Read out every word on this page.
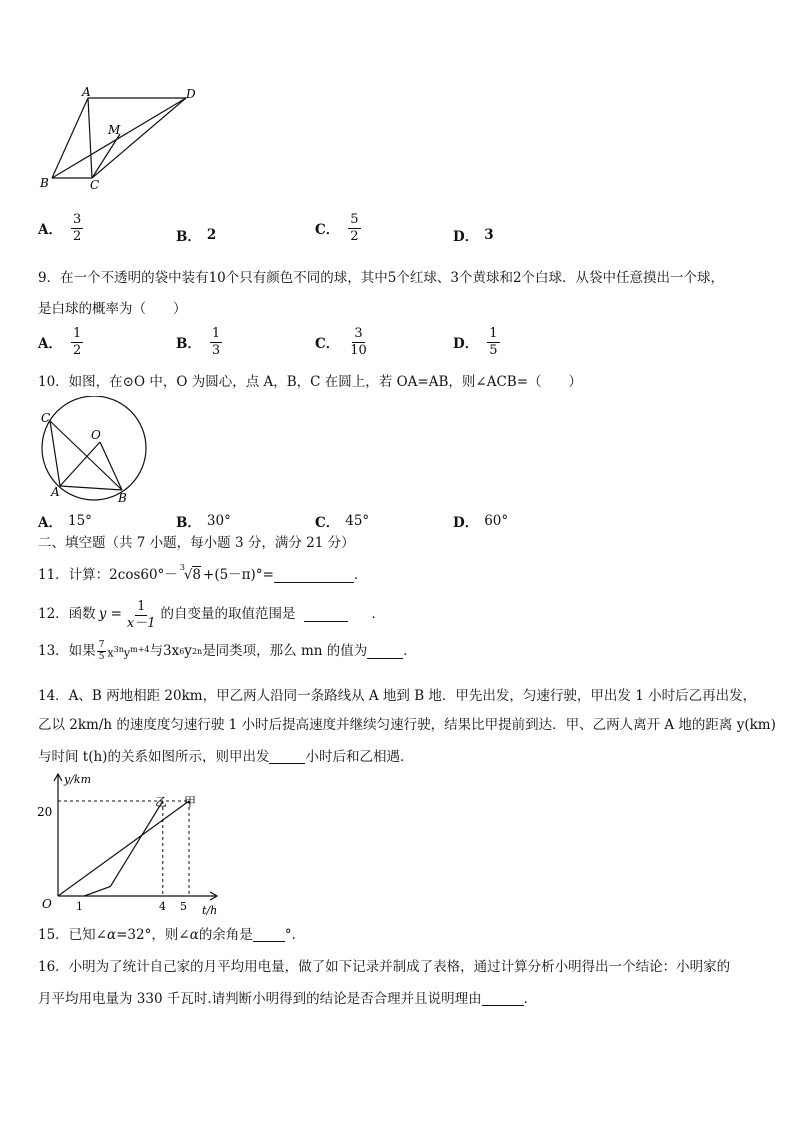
A	D
M
B	C
A． $\frac{3}{2}$	B． 2	C． $\frac{5}{2}$	D． 3
9．在一个不透明的袋中装有10个只有颜色不同的球，其中5个红球、3个黄球和2个白球．从袋中任意摸出一个球，
是白球的概率为（　　）
A． $\frac{1}{2}$	B． $\frac{1}{3}$	C． $\frac{3}{10}$	D． $\frac{1}{5}$
10．如图，在⊙O 中，O 为圆心，点 A，B，C 在圆上，若 OA=AB，则∠ACB=（　　）
C
O
A	B
A． 15°	B． 30°	C． 45°	D． 60°
二、填空题（共 7 小题，每小题 3 分，满分 21 分）
11．计算：2cos60°－ 3
√8 +(5－π)°=	．
12．函数 $y = \frac{1}{x-1}$ 的自变量的取值范围是	．
13．如果 $\frac{7}{5} x^{3n}y^{m+4}$ 与3x 6 y 2n 是同类项，那么 mn 的值为	．
14．A、B 两地相距 20km，甲乙两人沿同一条路线从 A 地到 B 地．甲先出发，匀速行驶，甲出发 1 小时后乙再出发，
乙以 2km/h 的速度度匀速行驶 1 小时后提高速度并继续匀速行驶，结果比甲提前到达．甲、乙两人离开 A 地的距离 y(km)
与时间 t(h)的关系如图所示，则甲出发	小时后和乙相遇．
y/km
t/h
O
20
1	4 5
乙 甲
15．已知∠ α =32°，则∠ α 的余角是 °．
16．小明为了统计自己家的月平均用电量，做了如下记录并制成了表格，通过计算分析小明得出一个结论：小明家的
月平均用电量为 330 千瓦时.请判断小明得到的结论是否合理并且说明理由	．
